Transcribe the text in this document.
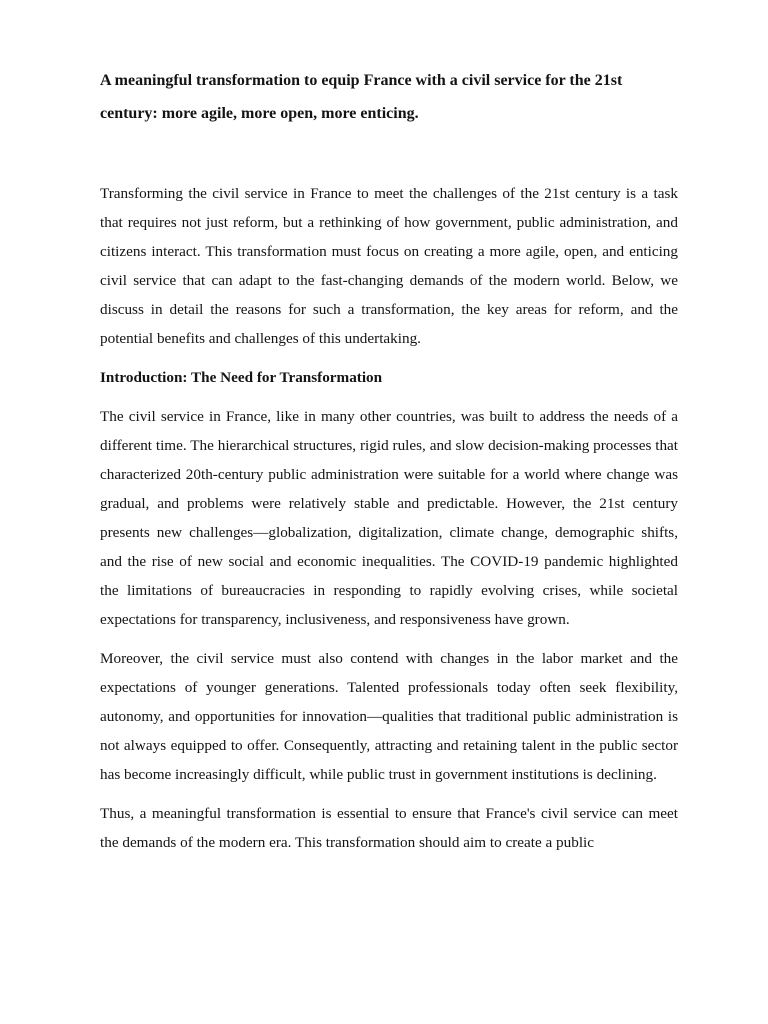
A meaningful transformation to equip France with a civil service for the 21st century: more agile, more open, more enticing.

Transforming the civil service in France to meet the challenges of the 21st century is a task that requires not just reform, but a rethinking of how government, public administration, and citizens interact. This transformation must focus on creating a more agile, open, and enticing civil service that can adapt to the fast-changing demands of the modern world. Below, we discuss in detail the reasons for such a transformation, the key areas for reform, and the potential benefits and challenges of this undertaking.

Introduction: The Need for Transformation

The civil service in France, like in many other countries, was built to address the needs of a different time. The hierarchical structures, rigid rules, and slow decision-making processes that characterized 20th-century public administration were suitable for a world where change was gradual, and problems were relatively stable and predictable. However, the 21st century presents new challenges—globalization, digitalization, climate change, demographic shifts, and the rise of new social and economic inequalities. The COVID-19 pandemic highlighted the limitations of bureaucracies in responding to rapidly evolving crises, while societal expectations for transparency, inclusiveness, and responsiveness have grown.

Moreover, the civil service must also contend with changes in the labor market and the expectations of younger generations. Talented professionals today often seek flexibility, autonomy, and opportunities for innovation—qualities that traditional public administration is not always equipped to offer. Consequently, attracting and retaining talent in the public sector has become increasingly difficult, while public trust in government institutions is declining.

Thus, a meaningful transformation is essential to ensure that France's civil service can meet the demands of the modern era. This transformation should aim to create a public
